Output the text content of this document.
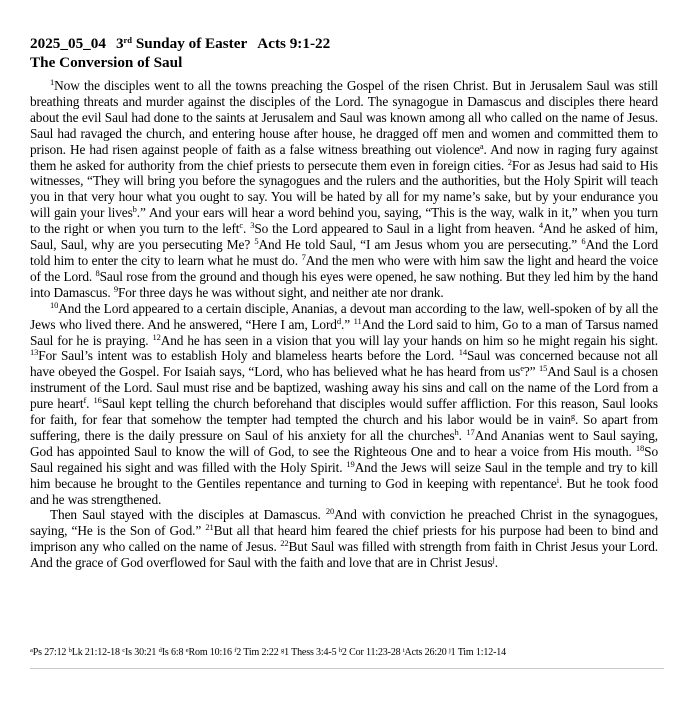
2025_05_04 3rd Sunday of Easter Acts 9:1-22
The Conversion of Saul

$^1$Now the disciples went to all the towns preaching the Gospel of the risen Christ. But in Jerusalem Saul was still breathing threats and murder against the disciples of the Lord. The synagogue in Damascus and disciples there heard about the evil Saul had done to the saints at Jerusalem and Saul was known among all who called on the name of Jesus. Saul had ravaged the church, and entering house after house, he dragged off men and women and committed them to prison. He had risen against people of faith as a false witness breathing out violence$^a$. And now in raging fury against them he asked for authority from the chief priests to persecute them even in foreign cities. $^2$For as Jesus had said to His witnesses, “They will bring you before the synagogues and the rulers and the authorities, but the Holy Spirit will teach you in that very hour what you ought to say. You will be hated by all for my name’s sake, but by your endurance you will gain your lives$^b$.” And your ears will hear a word behind you, saying, “This is the way, walk in it,” when you turn to the right or when you turn to the left$^c$. $^3$So the Lord appeared to Saul in a light from heaven. $^4$And he asked of him, Saul, Saul, why are you persecuting Me? $^5$And He told Saul, “I am Jesus whom you are persecuting.” $^6$And the Lord told him to enter the city to learn what he must do. $^7$And the men who were with him saw the light and heard the voice of the Lord. $^8$Saul rose from the ground and though his eyes were opened, he saw nothing. But they led him by the hand into Damascus. $^9$For three days he was without sight, and neither ate nor drank.

$^{10}$And the Lord appeared to a certain disciple, Ananias, a devout man according to the law, well-spoken of by all the Jews who lived there. And he answered, “Here I am, Lord$^d$.” $^{11}$And the Lord said to him, Go to a man of Tarsus named Saul for he is praying. $^{12}$And he has seen in a vision that you will lay your hands on him so he might regain his sight. $^{13}$For Saul’s intent was to establish Holy and blameless hearts before the Lord. $^{14}$Saul was concerned because not all have obeyed the Gospel. For Isaiah says, “Lord, who has believed what he has heard from $us^e$?” $^{15}$And Saul is a chosen instrument of the Lord. Saul must rise and be baptized, washing away his sins and call on the name of the Lord from a pure heart$^f$. $^{16}$Saul kept telling the church beforehand that disciples would suffer affliction. For this reason, Saul looks for faith, for fear that somehow the tempter had tempted the church and his labor would be in vain$^g$. So apart from suffering, there is the daily pressure on Saul of his anxiety for all the churches$^h$. $^{17}$And Ananias went to Saul saying, God has appointed Saul to know the will of God, to see the Righteous One and to hear a voice from His mouth. $^{18}$So Saul regained his sight and was filled with the Holy Spirit. $^{19}$And the Jews will seize Saul in the temple and try to kill him because he brought to the Gentiles repentance and turning to God in keeping with repentance$^i$. But he took food and he was strengthened.

Then Saul stayed with the disciples at Damascus. $^{20}$And with conviction he preached Christ in the synagogues, saying, “He is the Son of God.” $^{21}$But all that heard him feared the chief priests for his purpose had been to bind and imprison any who called on the name of Jesus. $^{22}$But Saul was filled with strength from faith in Christ Jesus your Lord. And the grace of God overflowed for Saul with the faith and love that are in Christ Jesus$^j$.

$^a$Ps 27:12 $^b$Lk 21:12-18 $^c$Is 30:21 $^d$Is 6:8 $^e$Rom 10:16 $^f$2 Tim 2:22 $^g$1 Thess 3:4-5 $^h$2 Cor 11:23-28 $^i$Acts 26:20 $^j$1 Tim 1:12-14
